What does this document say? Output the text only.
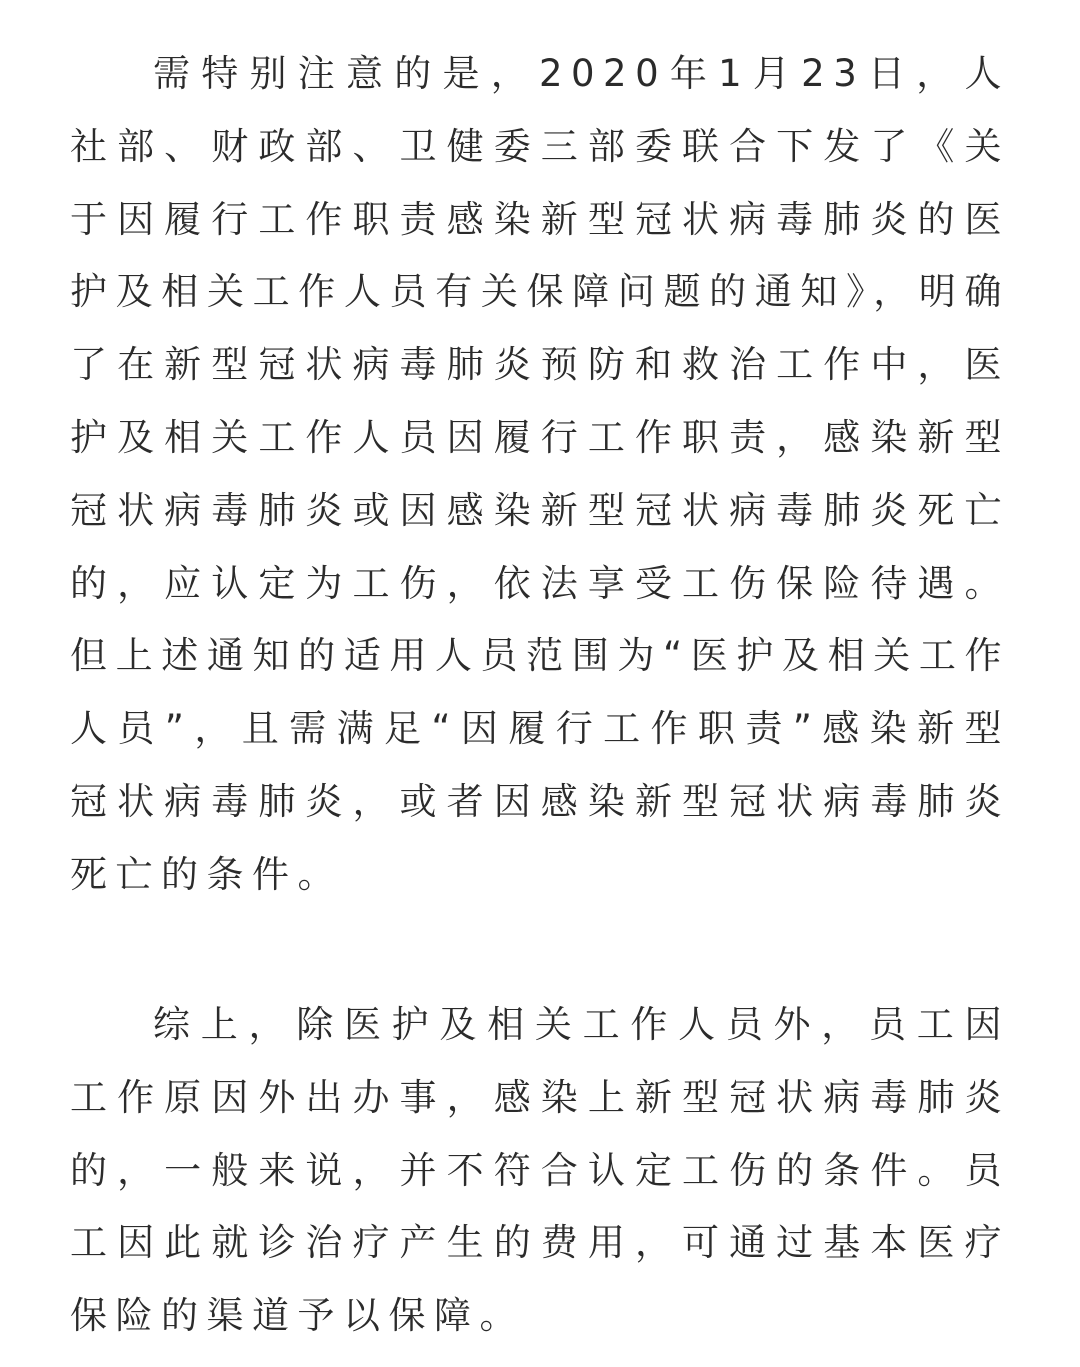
需特别注意的是，2020年1月23日，人社部、财政部、卫健委三部委联合下发了《关于因履行工作职责感染新型冠状病毒肺炎的医护及相关工作人员有关保障问题的通知》，明确了在新型冠状病毒肺炎预防和救治工作中，医护及相关工作人员因履行工作职责，感染新型冠状病毒肺炎或因感染新型冠状病毒肺炎死亡的，应认定为工伤，依法享受工伤保险待遇。但上述通知的适用人员范围为“医护及相关工作人员”，且需满足“因履行工作职责”感染新型冠状病毒肺炎，或者因感染新型冠状病毒肺炎死亡的条件。

综上，除医护及相关工作人员外，员工因工作原因外出办事，感染上新型冠状病毒肺炎的，一般来说，并不符合认定工伤的条件。员工因此就诊治疗产生的费用，可通过基本医疗保险的渠道予以保障。
